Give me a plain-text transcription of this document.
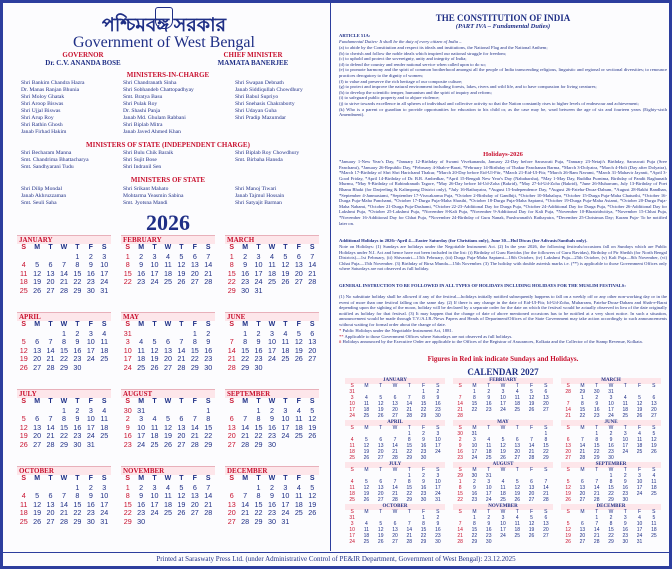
পশ্চিমবঙ্গ সরকার
Government of West Bengal
GOVERNOR
Dr. C.V. ANANDA BOSE
CHIEF MINISTER
MAMATA BANERJEE
MINISTERS-IN-CHARGE
Shri Bankim Chandra Hazra
Dr. Manas Ranjan Bhunia
Shri Moloy Ghatak
Shri Aroop Biswas
Shri Ujjal Biswas
Shri Arup Roy
Shri Rathin Ghosh
Janab Firhad Hakim
Shri Chandranath Sinha
Shri Sobhandeb Chattopadhyay
Smt. Bratya Basu
Shri Pulak Roy
Dr. Shashi Panja
Janab Md. Ghulam Rabbani
Shri Biplab Mitra
Janab Javed Ahmed Khan
Shri Swapan Debnath
Janab Siddiqullah Chowdhury
Shri Babul Supriyo
Shri Snehasis Chakraborty
Shri Udayan Guha
Shri Pradip Mazumdar
MINISTERS OF STATE (INDEPENDENT CHARGE)
Shri Becharam Manna
Smt. Chandrima Bhattacharya
Smt. Sandhyarani Tudu
Shri Bulu Chik Baraik
Shri Sujit Bose
Shri Indranil Sen
Shri Biplab Roy Chowdhury
Smt. Birbaha Hansda
MINISTERS OF STATE
Shri Dilip Mondal
Janab Akhruzzaman
Smt. Seuli Saha
Shri Srikant Mahato
Mohtarma Yeasmin Sabina
Smt. Jyotsna Mandi
Shri Manoj Tiwari
Janab Tajmul Hossain
Shri Satyajit Barman
2026
JANUARY
S	M	T	W	T	F	S
				1	2	3
4	5	6	7	8	9	10
11	12	13	14	15	16	17
18	19	20	21	22	23	24
25	26	27	28	29	30	31
FEBRUARY
S	M	T	W	T	F	S
1	2	3	4	5	6	7
8	9	10	11	12	13	14
15	16	17	18	19	20	21
22	23	24	25	26	27	28
MARCH
S	M	T	W	T	F	S
1	2	3	4	5	6	7
8	9	10	11	12	13	14
15	16	17	18	19	20	21
22	23	24	25	26	27	28
29	30	31				
APRIL
S	M	T	W	T	F	S
			1	2	3	4
5	6	7	8	9	10	11
12	13	14	15	16	17	18
19	20	21	22	23	24	25
26	27	28	29	30		
MAY
S	M	T	W	T	F	S
31					1	2
3	4	5	6	7	8	9
10	11	12	13	14	15	16
17	18	19	20	21	22	23
24	25	26	27	28	29	30
JUNE
S	M	T	W	T	F	S
	1	2	3	4	5	6
7	8	9	10	11	12	13
14	15	16	17	18	19	20
21	22	23	24	25	26	27
28	29	30				
JULY
S	M	T	W	T	F	S
			1	2	3	4
5	6	7	8	9	10	11
12	13	14	15	16	17	18
19	20	21	22	23	24	25
26	27	28	29	30	31	
AUGUST
S	M	T	W	T	F	S
30	31					1
2	3	4	5	6	7	8
9	10	11	12	13	14	15
16	17	18	19	20	21	22
23	24	25	26	27	28	29
SEPTEMBER
S	M	T	W	T	F	S
		1	2	3	4	5
6	7	8	9	10	11	12
13	14	15	16	17	18	19
20	21	22	23	24	25	26
27	28	29	30			
OCTOBER
S	M	T	W	T	F	S
				1	2	3
4	5	6	7	8	9	10
11	12	13	14	15	16	17
18	19	20	21	22	23	24
25	26	27	28	29	30	31
NOVEMBER
S	M	T	W	T	F	S
1	2	3	4	5	6	7
8	9	10	11	12	13	14
15	16	17	18	19	20	21
22	23	24	25	26	27	28
29	30					
DECEMBER
S	M	T	W	T	F	S
		1	2	3	4	5
6	7	8	9	10	11	12
13	14	15	16	17	18	19
20	21	22	23	24	25	26
27	28	29	30	31		
THE CONSTITUTION OF INDIA
(PART IVA – Fundamental Duties)
ARTICLE 51A:
Fundamental Duties- It shall be the duty of every citizen of India –
(a) to abide by the Constitution and respect its ideals and institutions, the National Flag and the National Anthem;
(b) to cherish and follow the noble ideals which inspired our national struggle for freedom;
(c) to uphold and protect the sovereignty, unity and integrity of India;
(d) to defend the country and render national service when called upon to do so;
(e) to promote harmony and the spirit of common brotherhood amongst all the people of India transcending religious, linguistic and regional or sectional diversities; to renounce practices derogatory to the dignity of women;
(f) to value and preserve the rich heritage of our composite culture;
(g) to protect and improve the natural environment including forests, lakes, rivers and wild life, and to have compassion for living creatures;
(h) to develop the scientific temper, humanism and the spirit of inquiry and reform;
(i) to safeguard public property and to abjure violence;
(j) to strive towards excellence in all spheres of individual and collective activity so that the Nation constantly rises to higher levels of endeavour and achievement;
(k) Who is a parent or guardian to provide opportunities for education to his child or, as the case may be, ward between the age of six and fourteen years (Eighty-sixth Amendment).
Holidays-2026
*January 1-New Year's Day, *January 12-Birthday of Swami Vivekananda, January 22-Day before Saraswati Puja, *January 23-Netaji's Birthday, Saraswati Puja (Sree Panchami), *January 26-Republic Day, *February 4-Shab-e-Barat, *February 14-Birthday of Thakur Panchanan Barma, *March 3-Dolyatra, *March 4-Holi (Day after Dolyatra), *March 17-Birthday of Shri Shri Harichand Thakur, *March 20-Day before Eid-Ul-Fitr, *March 21-Eid-Ul-Fitr, *March 26-Ram Navami, *March 31-Mahavir Jayanti, *April 3-Good Friday, *April 14-Birthday of Dr. B.R. Ambedkar, *April 15-Bengali New Year's Day (Nababarsha), *May 1-May Day, Buddha Purnima, Birthday of Pandit Raghunath Murmu, *May 9-Birthday of Rabindranath Tagore, *May 26-Day before Id-Ud-Zoha (Bakrid), *May 27-Id-Ud-Zoha (Bakrid), *June 26-Muharram, July 13-Birthday of Poet Bhanu Bhakt (for Darjeeling & Kalimpong District only), *July 16-Rathayatra, *August 15-Independence Day, *August 26-Fateha-Dwaz-Dahum, *August 28-Rakhi Bandhan, *September 4-Janmastami, *September 17-Viswakarma Puja, *October 2-Birthday of Gandhiji, *October 10-Mahalaya, *October 15-Durga Puja-Maha Chaturthi, *October 16-Durga Puja-Maha Panchami, *October 17-Durga Puja-Maha Shasthi, *October 18-Durga Puja-Maha Saptami, *October 19-Durga Puja-Maha Astami, *October 20-Durga Puja-Maha Nabami, *October 21-Durga Puja-Dashami, *October 22-23-Additional Day for Durga Puja, *October 24-Additional Day for Durga Puja, *October 26-Additional Day for Lakshmi Puja, *October 25-Lakshmi Puja, *November 8-Kali Puja, *November 9-Additional Day for Kali Puja, *November 10-Bhratridwitiya, *November 15-Chhat Puja, *November 16-Additional Day for Chhat Puja, *November 24-Birthday of Guru Nanak, Parshwanath's Rathayatra, *December 25-Christmas Day; Karam Puja- To be notified later on.
Additional Holidays in 2026:-April 4—Easter Saturday (for Christians only), June 30—Hul Diwas (for Adivasis/Santhals only).
Note on Holidays: (1) Sundays are holidays under the Negotiable Instrument Act. (2) In the year 2026, the following festivals/occasions fall on Sundays which are Public Holidays under N.I. Act and hence have not been included in the list: (i) Birthday of Guru Ravidas (for the followers of Guru Ravidas), Birthday of Pir Sheikh (for North Bengal Districts)—1st February, (ii) Shivaratri—15th February, (iii) Durga Puja-Maha Saptami—18th October, (iv) Lakshmi Puja—25th October, (v) Kali Puja—8th November, (vi) Chhat Puja—15th November. (3) Birthday of Birsa Munda—15th November. (3) The holiday with double asterisk marks i.e. (**) is applicable to those Government Offices only where Saturdays are not observed as full holiday.
GENERAL INSTRUCTION TO BE FOLLOWED IN ALL TYPES OF HOLIDAYS INCLUDING HOLIDAYS FOR THE MUSLIM FESTIVALS:
(1) No substitute holiday shall be allowed if any of the festival—holidays initially notified subsequently happens to fall on a weekly off or any other non-working day or in the event of more than one festival falling on the same day. (2) If there is any change in the date of Eid-Ul-Fitr, Id-Ud-Zoha, Muharram, Fateha-Dwaz-Daham and Shab-e-Barat depending upon the sighting of the moon, holiday will be declared by a separate order for the date on which the festival would be actually observed in lieu of the date originally notified as holiday for that festival. (3) It may happen that the change of date of above mentioned occasions has to be notified at a very short notice. In such a situation, announcement would be made through T.V./A.I.R./News Papers and Heads of Department/Offices of the State Government may take action accordingly to such announcements without waiting for formal order about the change of date.
* Public Holidays under the Negotiable Instrument Act, 1881.
** Applicable to those Government Offices where Saturdays are not observed as full holidays.
# Holidays announced by the Executive Order are applicable to the Offices of the Registrar of Assurances, Kolkata and the Collector of the Stamp Revenue, Kolkata.
Figures in Red ink indicate Sundays and Holidays.
CALENDAR 2027
JANUARY
S	M	T	W	T	F	S
31					1	2
3	4	5	6	7	8	9
10	11	12	13	14	15	16
17	18	19	20	21	22	23
24	25	26	27	28	29	30
FEBRUARY
S	M	T	W	T	F	S
	1	2	3	4	5	6
7	8	9	10	11	12	13
14	15	16	17	18	19	20
21	22	23	24	25	26	27
28						
MARCH
S	M	T	W	T	F	S
28	29	30	31			
	1	2	3	4	5	6
7	8	9	10	11	12	13
14	15	16	17	18	19	20
21	22	23	24	25	26	27
APRIL
S	M	T	W	T	F	S
				1	2	3
4	5	6	7	8	9	10
11	12	13	14	15	16	17
18	19	20	21	22	23	24
25	26	27	28	29	30	
MAY
S	M	T	W	T	F	S
30	31					1
2	3	4	5	6	7	8
9	10	11	12	13	14	15
16	17	18	19	20	21	22
23	24	25	26	27	28	29
JUNE
S	M	T	W	T	F	S
		1	2	3	4	5
6	7	8	9	10	11	12
13	14	15	16	17	18	19
20	21	22	23	24	25	26
27	28	29	30			
JULY
S	M	T	W	T	F	S
				1	2	3
4	5	6	7	8	9	10
11	12	13	14	15	16	17
18	19	20	21	22	23	24
25	26	27	28	29	30	31
AUGUST
S	M	T	W	T	F	S
29	30	31				
1	2	3	4	5	6	7
8	9	10	11	12	13	14
15	16	17	18	19	20	21
22	23	24	25	26	27	28
SEPTEMBER
S	M	T	W	T	F	S
			1	2	3	4
5	6	7	8	9	10	11
12	13	14	15	16	17	18
19	20	21	22	23	24	25
26	27	28	29	30		
OCTOBER
S	M	T	W	T	F	S
31					1	2
3	4	5	6	7	8	9
10	11	12	13	14	15	16
17	18	19	20	21	22	23
24	25	26	27	28	29	30
NOVEMBER
S	M	T	W	T	F	S
	1	2	3	4	5	6
7	8	9	10	11	12	13
14	15	16	17	18	19	20
21	22	23	24	25	26	27
28	29	30				
DECEMBER
S	M	T	W	T	F	S
		1	2	3	4	5
5	6	7	8	9	10	11
12	13	14	15	16	17	18
19	20	21	22	23	24	25
26	27	28	29	30	31	
Printed at Saraswaty Press Ltd. (under Administrative Control of PE&IR Department, Government of West Bengal): 23.12.2025
